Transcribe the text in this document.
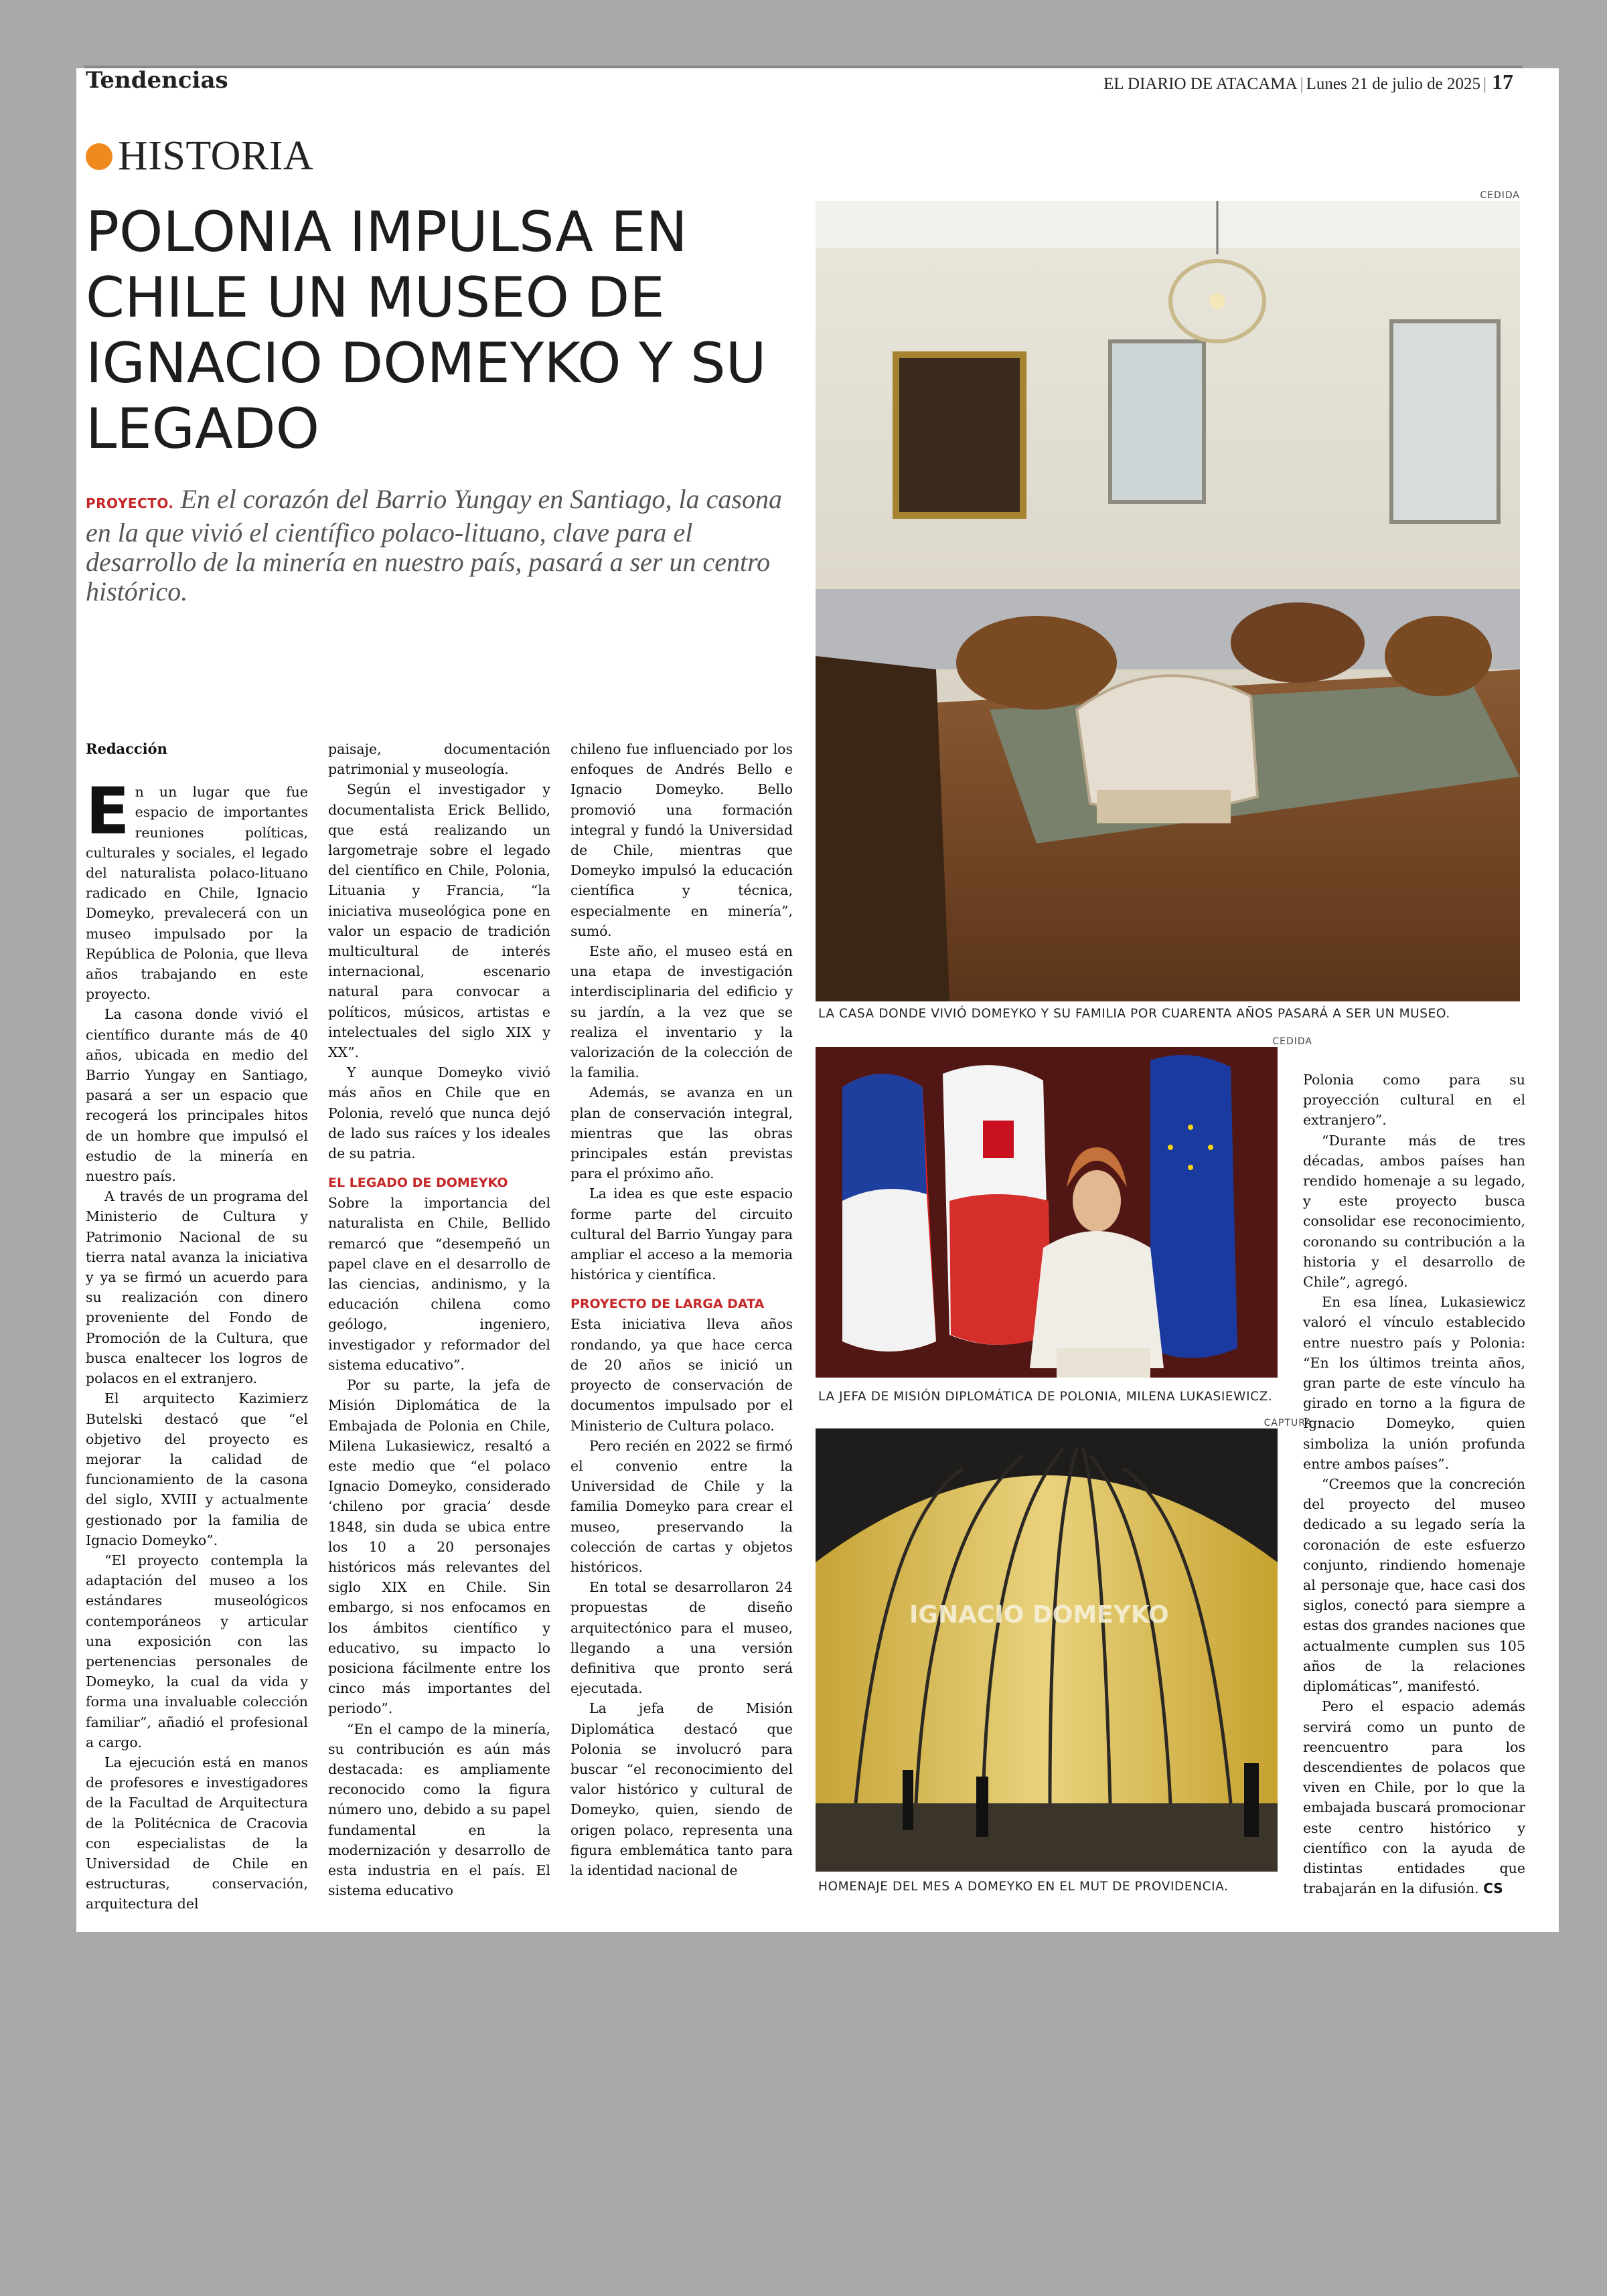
Tendencias	EL DIARIO DE ATACAMA | Lunes 21 de julio de 2025 | 17
HISTORIA
POLONIA IMPULSA EN CHILE UN MUSEO DE IGNACIO DOMEYKO Y SU LEGADO
PROYECTO. En el corazón del Barrio Yungay en Santiago, la casona en la que vivió el científico polaco-lituano, clave para el desarrollo de la minería en nuestro país, pasará a ser un centro histórico.
Redacción

En un lugar que fue espacio de importantes reuniones políticas, culturales y sociales, el legado del naturalista polaco-lituano radicado en Chile, Ignacio Domeyko, prevalecerá con un museo impulsado por la República de Polonia, que lleva años trabajando en este proyecto.

La casona donde vivió el científico durante más de 40 años, ubicada en medio del Barrio Yungay en Santiago, pasará a ser un espacio que recogerá los principales hitos de un hombre que impulsó el estudio de la minería en nuestro país.

A través de un programa del Ministerio de Cultura y Patrimonio Nacional de su tierra natal avanza la iniciativa y ya se firmó un acuerdo para su realización con dinero proveniente del Fondo de Promoción de la Cultura, que busca enaltecer los logros de polacos en el extranjero.

El arquitecto Kazimierz Butelski destacó que “el objetivo del proyecto es mejorar la calidad de funcionamiento de la casona del siglo, XVIII y actualmente gestionado por la familia de Ignacio Domeyko”.

“El proyecto contempla la adaptación del museo a los estándares museológicos contemporáneos y articular una exposición con las pertenencias personales de Domeyko, la cual da vida y forma una invaluable colección familiar”, añadió el profesional a cargo.

La ejecución está en manos de profesores e investigadores de la Facultad de Arquitectura de la Politécnica de Cracovia con especialistas de la Universidad de Chile en estructuras, conservación, arquitectura del

paisaje, documentación patrimonial y museología.

Según el investigador y documentalista Erick Bellido, que está realizando un largometraje sobre el legado del científico en Chile, Polonia, Lituania y Francia, “la iniciativa museológica pone en valor un espacio de tradición multicultural de interés internacional, escenario natural para convocar a políticos, músicos, artistas e intelectuales del siglo XIX y XX”.

Y aunque Domeyko vivió más años en Chile que en Polonia, reveló que nunca dejó de lado sus raíces y los ideales de su patria.

EL LEGADO DE DOMEYKO

Sobre la importancia del naturalista en Chile, Bellido remarcó que “desempeñó un papel clave en el desarrollo de las ciencias, andinismo, y la educación chilena como geólogo, ingeniero, investigador y reformador del sistema educativo”.

Por su parte, la jefa de Misión Diplomática de la Embajada de Polonia en Chile, Milena Lukasiewicz, resaltó a este medio que “el polaco Ignacio Domeyko, considerado ‘chileno por gracia’ desde 1848, sin duda se ubica entre los 10 a 20 personajes históricos más relevantes del siglo XIX en Chile. Sin embargo, si nos enfocamos en los ámbitos científico y educativo, su impacto lo posiciona fácilmente entre los cinco más importantes del periodo”.

“En el campo de la minería, su contribución es aún más destacada: es ampliamente reconocido como la figura número uno, debido a su papel fundamental en la modernización y desarrollo de esta industria en el país. El sistema educativo

chileno fue influenciado por los enfoques de Andrés Bello e Ignacio Domeyko. Bello promovió una formación integral y fundó la Universidad de Chile, mientras que Domeyko impulsó la educación científica y técnica, especialmente en minería”, sumó.

Este año, el museo está en una etapa de investigación interdisciplinaria del edificio y su jardín, a la vez que se realiza el inventario y la valorización de la colección de la familia.

Además, se avanza en un plan de conservación integral, mientras que las obras principales están previstas para el próximo año.

La idea es que este espacio forme parte del circuito cultural del Barrio Yungay para ampliar el acceso a la memoria histórica y científica.

PROYECTO DE LARGA DATA

Esta iniciativa lleva años rondando, ya que hace cerca de 20 años se inició un proyecto de conservación de documentos impulsado por el Ministerio de Cultura polaco.

Pero recién en 2022 se firmó el convenio entre la Universidad de Chile y la familia Domeyko para crear el museo, preservando la colección de cartas y objetos históricos.

En total se desarrollaron 24 propuestas de diseño arquitectónico para el museo, llegando a una versión definitiva que pronto será ejecutada.

La jefa de Misión Diplomática destacó que Polonia se involucró para buscar “el reconocimiento del valor histórico y cultural de Domeyko, quien, siendo de origen polaco, representa una figura emblemática tanto para la identidad nacional de

Polonia como para su proyección cultural en el extranjero”.

“Durante más de tres décadas, ambos países han rendido homenaje a su legado, y este proyecto busca consolidar ese reconocimiento, coronando su contribución a la historia y el desarrollo de Chile”, agregó.

En esa línea, Lukasiewicz valoró el vínculo establecido entre nuestro país y Polonia: “En los últimos treinta años, gran parte de este vínculo ha girado en torno a la figura de Ignacio Domeyko, quien simboliza la unión profunda entre ambos países”.

“Creemos que la concreción del proyecto del museo dedicado a su legado sería la coronación de este esfuerzo conjunto, rindiendo homenaje al personaje que, hace casi dos siglos, conectó para siempre a estas dos grandes naciones que actualmente cumplen sus 105 años de la relaciones diplomáticas”, manifestó.

Pero el espacio además servirá como un punto de reencuentro para los descendientes de polacos que viven en Chile, por lo que la embajada buscará promocionar este centro histórico y científico con la ayuda de distintas entidades que trabajarán en la difusión. CS

CEDIDA
LA CASA DONDE VIVIÓ DOMEYKO Y SU FAMILIA POR CUARENTA AÑOS PASARÁ A SER UN MUSEO.
CEDIDA
LA JEFA DE MISIÓN DIPLOMÁTICA DE POLONIA, MILENA LUKASIEWICZ.
CAPTURA
IGNACIO DOMEYKO
HOMENAJE DEL MES A DOMEYKO EN EL MUT DE PROVIDENCIA.
